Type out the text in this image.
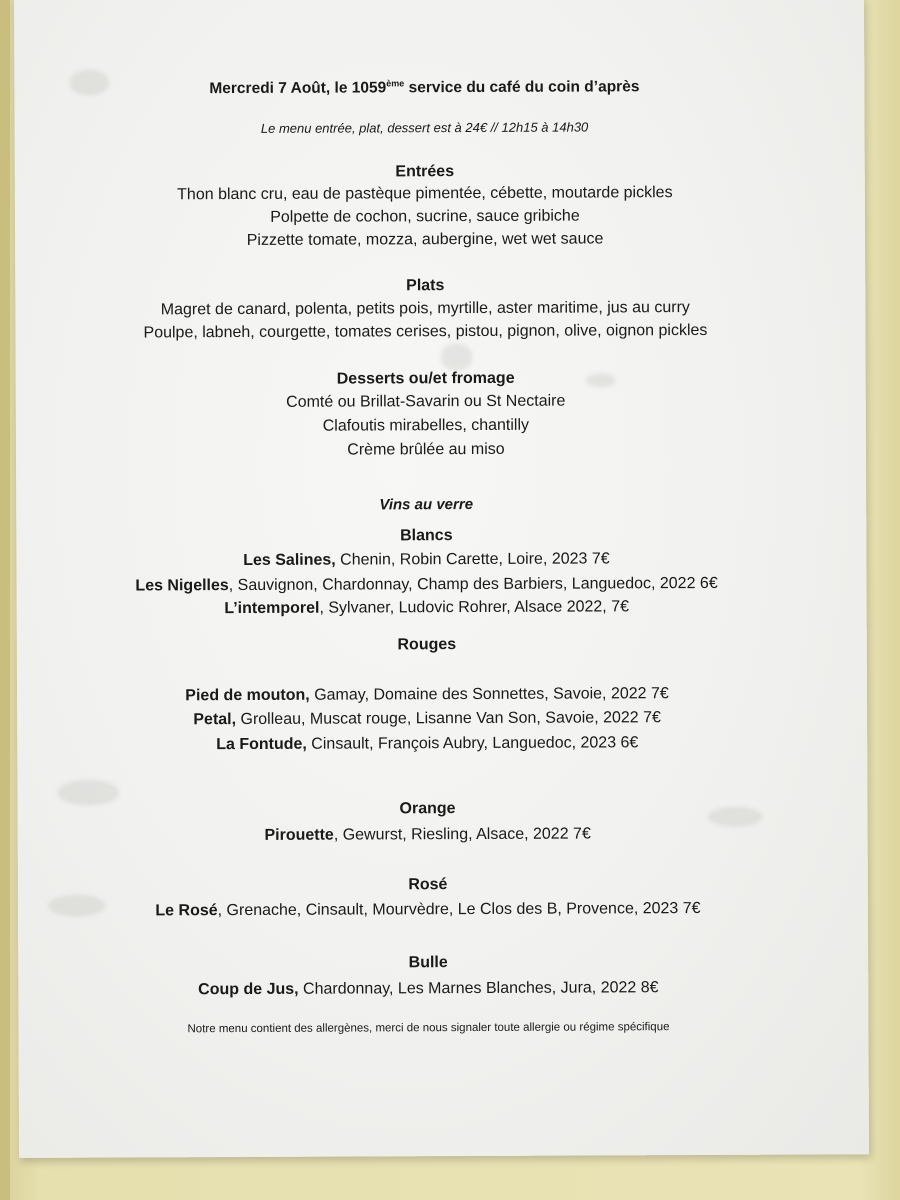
Mercredi 7 Août, le 1059ème service du café du coin d’après
Le menu entrée, plat, dessert est à 24€ // 12h15 à 14h30
Entrées
Thon blanc cru, eau de pastèque pimentée, cébette, moutarde pickles
Polpette de cochon, sucrine, sauce gribiche
Pizzette tomate, mozza, aubergine, wet wet sauce
Plats
Magret de canard, polenta, petits pois, myrtille, aster maritime, jus au curry
Poulpe, labneh, courgette, tomates cerises, pistou, pignon, olive, oignon pickles
Desserts ou/et fromage
Comté ou Brillat-Savarin ou St Nectaire
Clafoutis mirabelles, chantilly
Crème brûlée au miso
Vins au verre
Blancs
Les Salines, Chenin, Robin Carette, Loire, 2023 7€
Les Nigelles, Sauvignon, Chardonnay, Champ des Barbiers, Languedoc, 2022 6€
L’intemporel, Sylvaner, Ludovic Rohrer, Alsace 2022, 7€
Rouges
Pied de mouton, Gamay, Domaine des Sonnettes, Savoie, 2022 7€
Petal, Grolleau, Muscat rouge, Lisanne Van Son, Savoie, 2022 7€
La Fontude, Cinsault, François Aubry, Languedoc, 2023 6€
Orange
Pirouette, Gewurst, Riesling, Alsace, 2022 7€
Rosé
Le Rosé, Grenache, Cinsault, Mourvèdre, Le Clos des B, Provence, 2023 7€
Bulle
Coup de Jus, Chardonnay, Les Marnes Blanches, Jura, 2022 8€
Notre menu contient des allergènes, merci de nous signaler toute allergie ou régime spécifique
